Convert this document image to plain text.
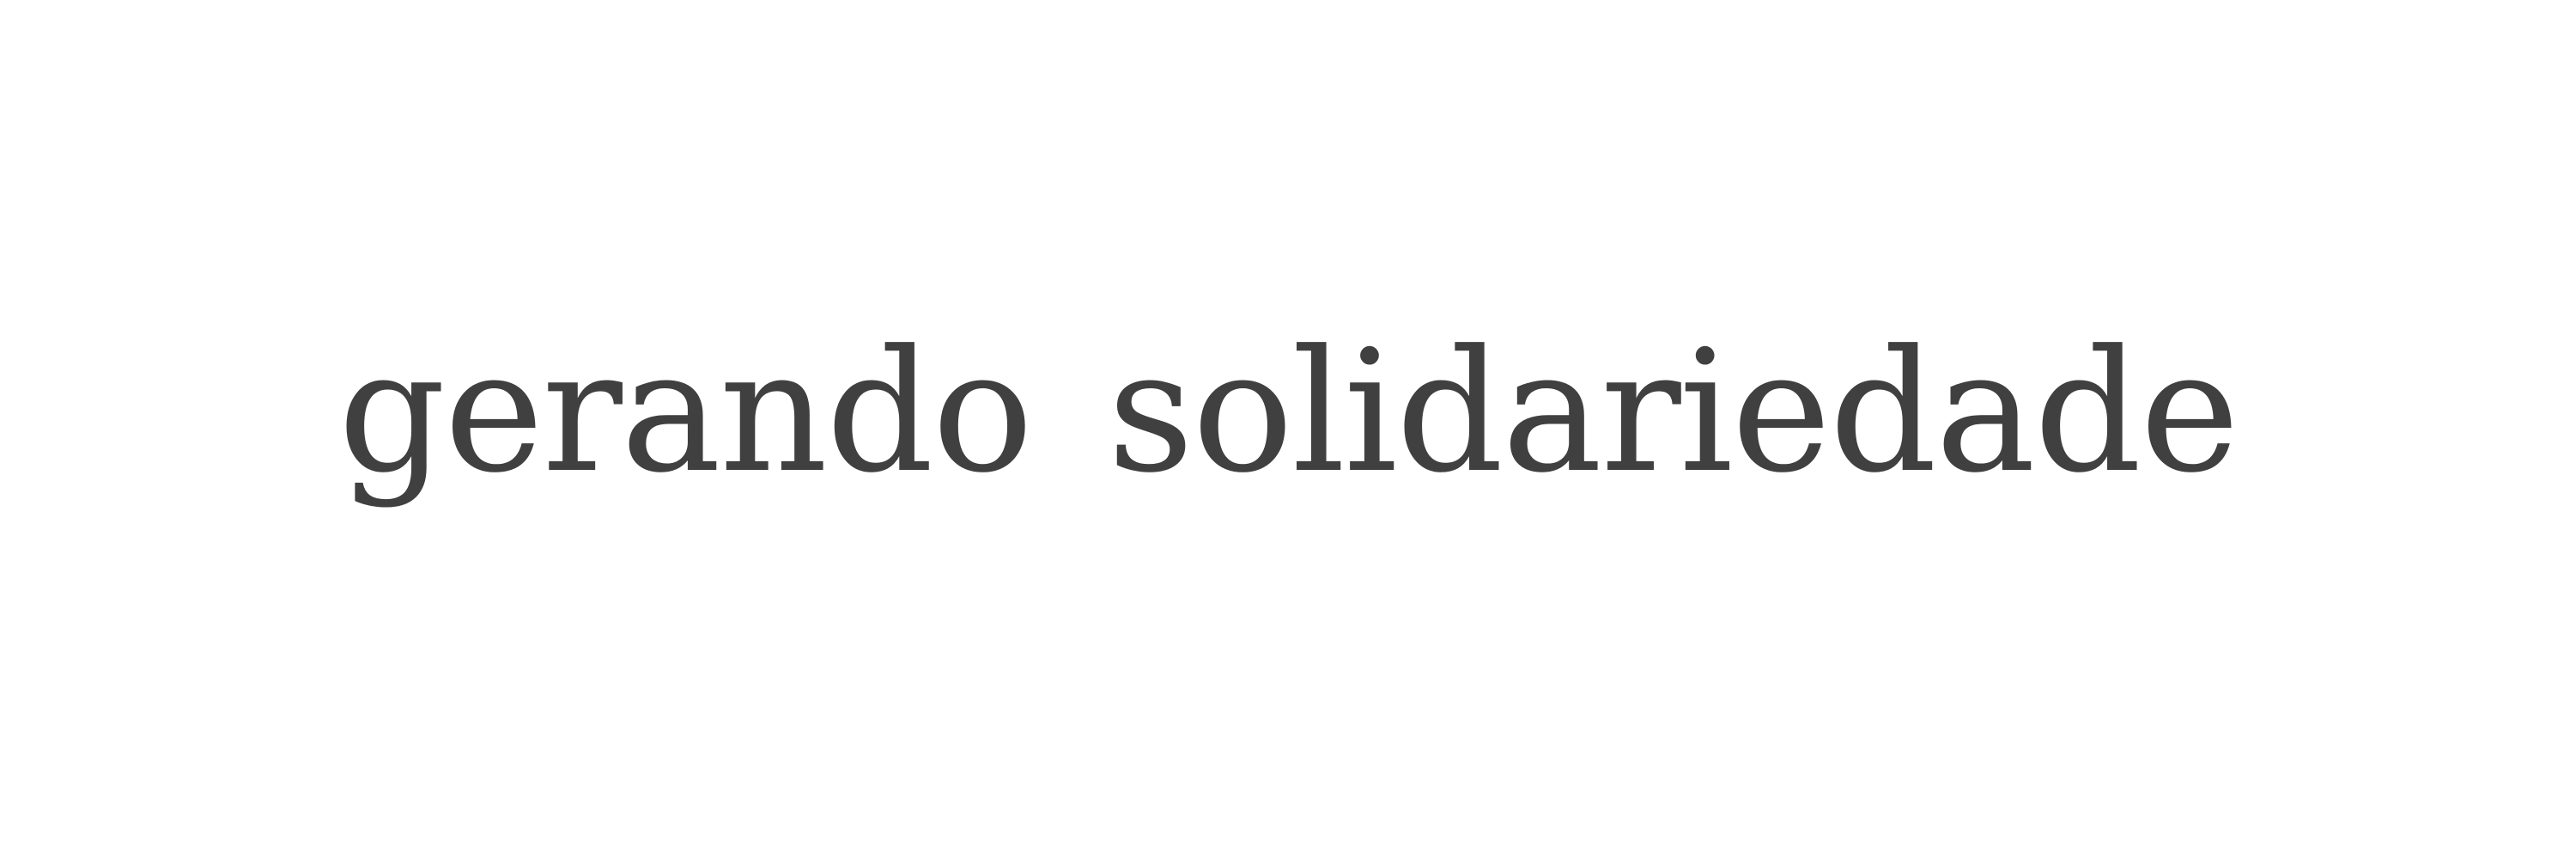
gerando solidariedade
